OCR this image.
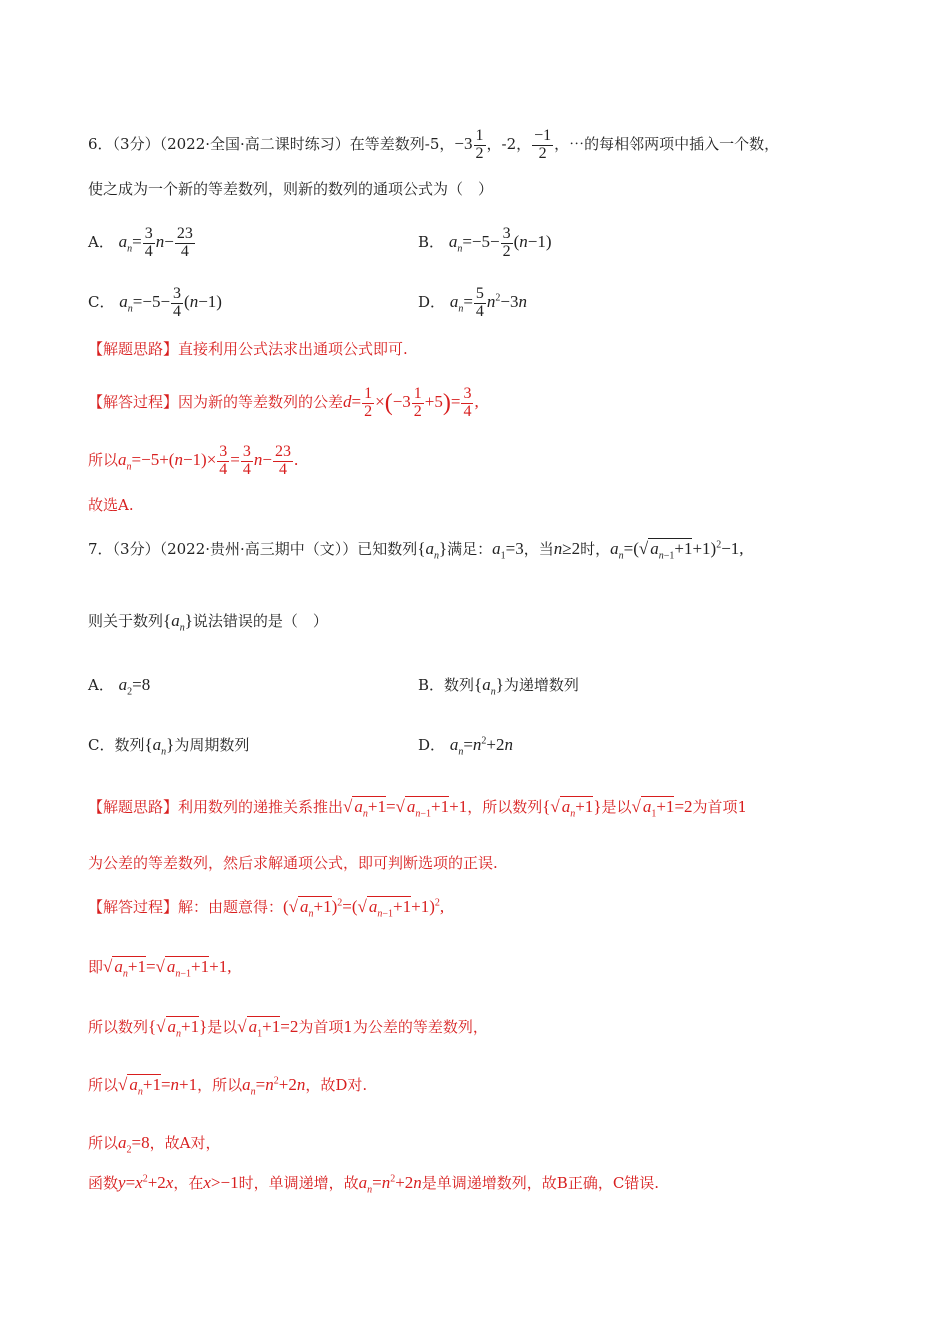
6．（3分）（2022·全国·高二课时练习）在等差数列-5，$-3 \frac{1}{2}$ ，-2， $\frac{-1}{2}$ ，⋯的每相邻两项中插入一个数，
使之成为一个新的等差数列，则新的数列的通项公式为（　）
A． $a_n= \frac{3}{4} n- \frac{23}{4}$	B． $a_n=-5- \frac{3}{2} (n-1)$
C． $a_n=-5- \frac{3}{4} (n-1)$	D． $a_n= \frac{5}{4} n^2-3n$
【解题思路】直接利用公式法求出通项公式即可.
【解答过程】因为新的等差数列的公差$d= \frac{1}{2} \times(-3 \frac{1}{2} +5)= \frac{3}{4}$ ,
所以$a_n=-5+(n-1)\times \frac{3}{4} = \frac{3}{4} n- \frac{23}{4}$ .
故选A.
7．（3分）（2022·贵州·高三期中（文））已知数列$\{a_n\}$满足：$a_1=3$，当n≥2时，$a_n=(√$ $a_{n-1}+1+1)^2-1$,
则关于数列$\{a_n\}$说法错误的是（　）
A． $a_2=8$	B．数列$\{a_n\}$为递增数列
C．数列$\{a_n\}$为周期数列	D． $a_n=n^2+2n$
【解题思路】利用数列的递推关系推出√ $a_n+1=√$ $a_{n-1}+1+1$，所以数列{√ $a_n+1$}是以√ $a_1+1=2$为首项1
为公差的等差数列，然后求解通项公式，即可判断选项的正误.
【解答过程】解：由题意得：(√ $a_n+1)^2=(√$ $a_{n-1}+1+1)^2$,
即√ $a_n+1=√$ $a_{n-1}+1+1$,
所以数列{√ $a_n+1$}是以√ $a_1+1=2$为首项1为公差的等差数列，
所以√ $a_n+1=n+1$，所以$a_n=n^2+2n$，故D对.
所以$a_2=8$，故A对，
函数$y=x^2+2x$，在x>−1时，单调递增，故$a_n=n^2+2n$是单调递增数列，故B正确，C错误.
